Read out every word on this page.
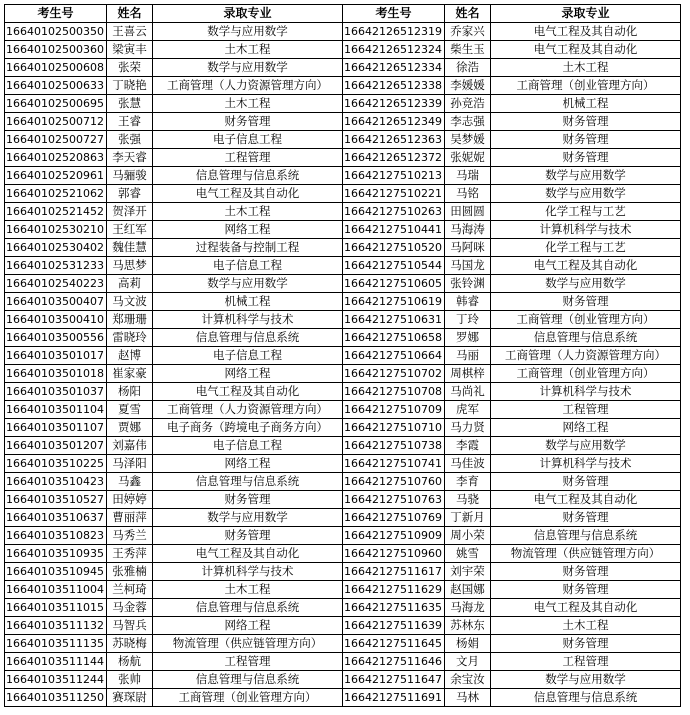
考生号	姓名	录取专业	考生号	姓名	录取专业
16640102500350	王喜云	数学与应用数学	16642126512319	乔家兴	电气工程及其自动化
16640102500360	梁寅丰	土木工程	16642126512324	柴生玉	电气工程及其自动化
16640102500608	张荣	数学与应用数学	16642126512334	徐浩	土木工程
16640102500633	丁晓艳	工商管理（人力资源管理方向）	16642126512338	李媛媛	工商管理（创业管理方向）
16640102500695	张慧	土木工程	16642126512339	孙竞浩	机械工程
16640102500712	王睿	财务管理	16642126512349	李志强	财务管理
16640102500727	张强	电子信息工程	16642126512363	吴梦媛	财务管理
16640102520863	李天睿	工程管理	16642126512372	张妮妮	财务管理
16640102520961	马骊骏	信息管理与信息系统	16642127510213	马瑞	数学与应用数学
16640102521062	郭睿	电气工程及其自动化	16642127510221	马铭	数学与应用数学
16640102521452	贺泽开	土木工程	16642127510263	田圆圆	化学工程与工艺
16640102530210	王红军	网络工程	16642127510441	马海涛	计算机科学与技术
16640102530402	魏佳慧	过程装备与控制工程	16642127510520	马阿咪	化学工程与工艺
16640102531233	马思梦	电子信息工程	16642127510544	马国龙	电气工程及其自动化
16640102540223	高莉	数学与应用数学	16642127510605	张铃渊	数学与应用数学
16640103500407	马文波	机械工程	16642127510619	韩睿	财务管理
16640103500410	郑珊珊	计算机科学与技术	16642127510631	丁玲	工商管理（创业管理方向）
16640103500556	雷晓玲	信息管理与信息系统	16642127510658	罗娜	信息管理与信息系统
16640103501017	赵博	电子信息工程	16642127510664	马丽	工商管理（人力资源管理方向）
16640103501018	崔家豪	网络工程	16642127510702	周棋梓	工商管理（创业管理方向）
16640103501037	杨阳	电气工程及其自动化	16642127510708	马尚礼	计算机科学与技术
16640103501104	夏雪	工商管理（人力资源管理方向）	16642127510709	虎军	工程管理
16640103501107	贾娜	电子商务（跨境电子商务方向）	16642127510710	马力贤	网络工程
16640103501207	刘嘉伟	电子信息工程	16642127510738	李霞	数学与应用数学
16640103510225	马泽阳	网络工程	16642127510741	马佳波	计算机科学与技术
16640103510423	马鑫	信息管理与信息系统	16642127510760	李育	财务管理
16640103510527	田婷婷	财务管理	16642127510763	马骁	电气工程及其自动化
16640103510637	曹丽萍	数学与应用数学	16642127510769	丁新月	财务管理
16640103510823	马秀兰	财务管理	16642127510909	周小荣	信息管理与信息系统
16640103510935	王秀萍	电气工程及其自动化	16642127510960	姚雪	物流管理（供应链管理方向）
16640103510945	张雅楠	计算机科学与技术	16642127511617	刘宇荣	财务管理
16640103511004	兰柯琦	土木工程	16642127511629	赵国娜	财务管理
16640103511015	马金蓉	信息管理与信息系统	16642127511635	马海龙	电气工程及其自动化
16640103511132	马智兵	网络工程	16642127511639	苏林东	土木工程
16640103511135	苏晓梅	物流管理（供应链管理方向）	16642127511645	杨娟	财务管理
16640103511144	杨航	工程管理	16642127511646	文月	工程管理
16640103511244	张帅	信息管理与信息系统	16642127511647	余宝汝	数学与应用数学
16640103511250	赛琛尉	工商管理（创业管理方向）	16642127511691	马林	信息管理与信息系统
